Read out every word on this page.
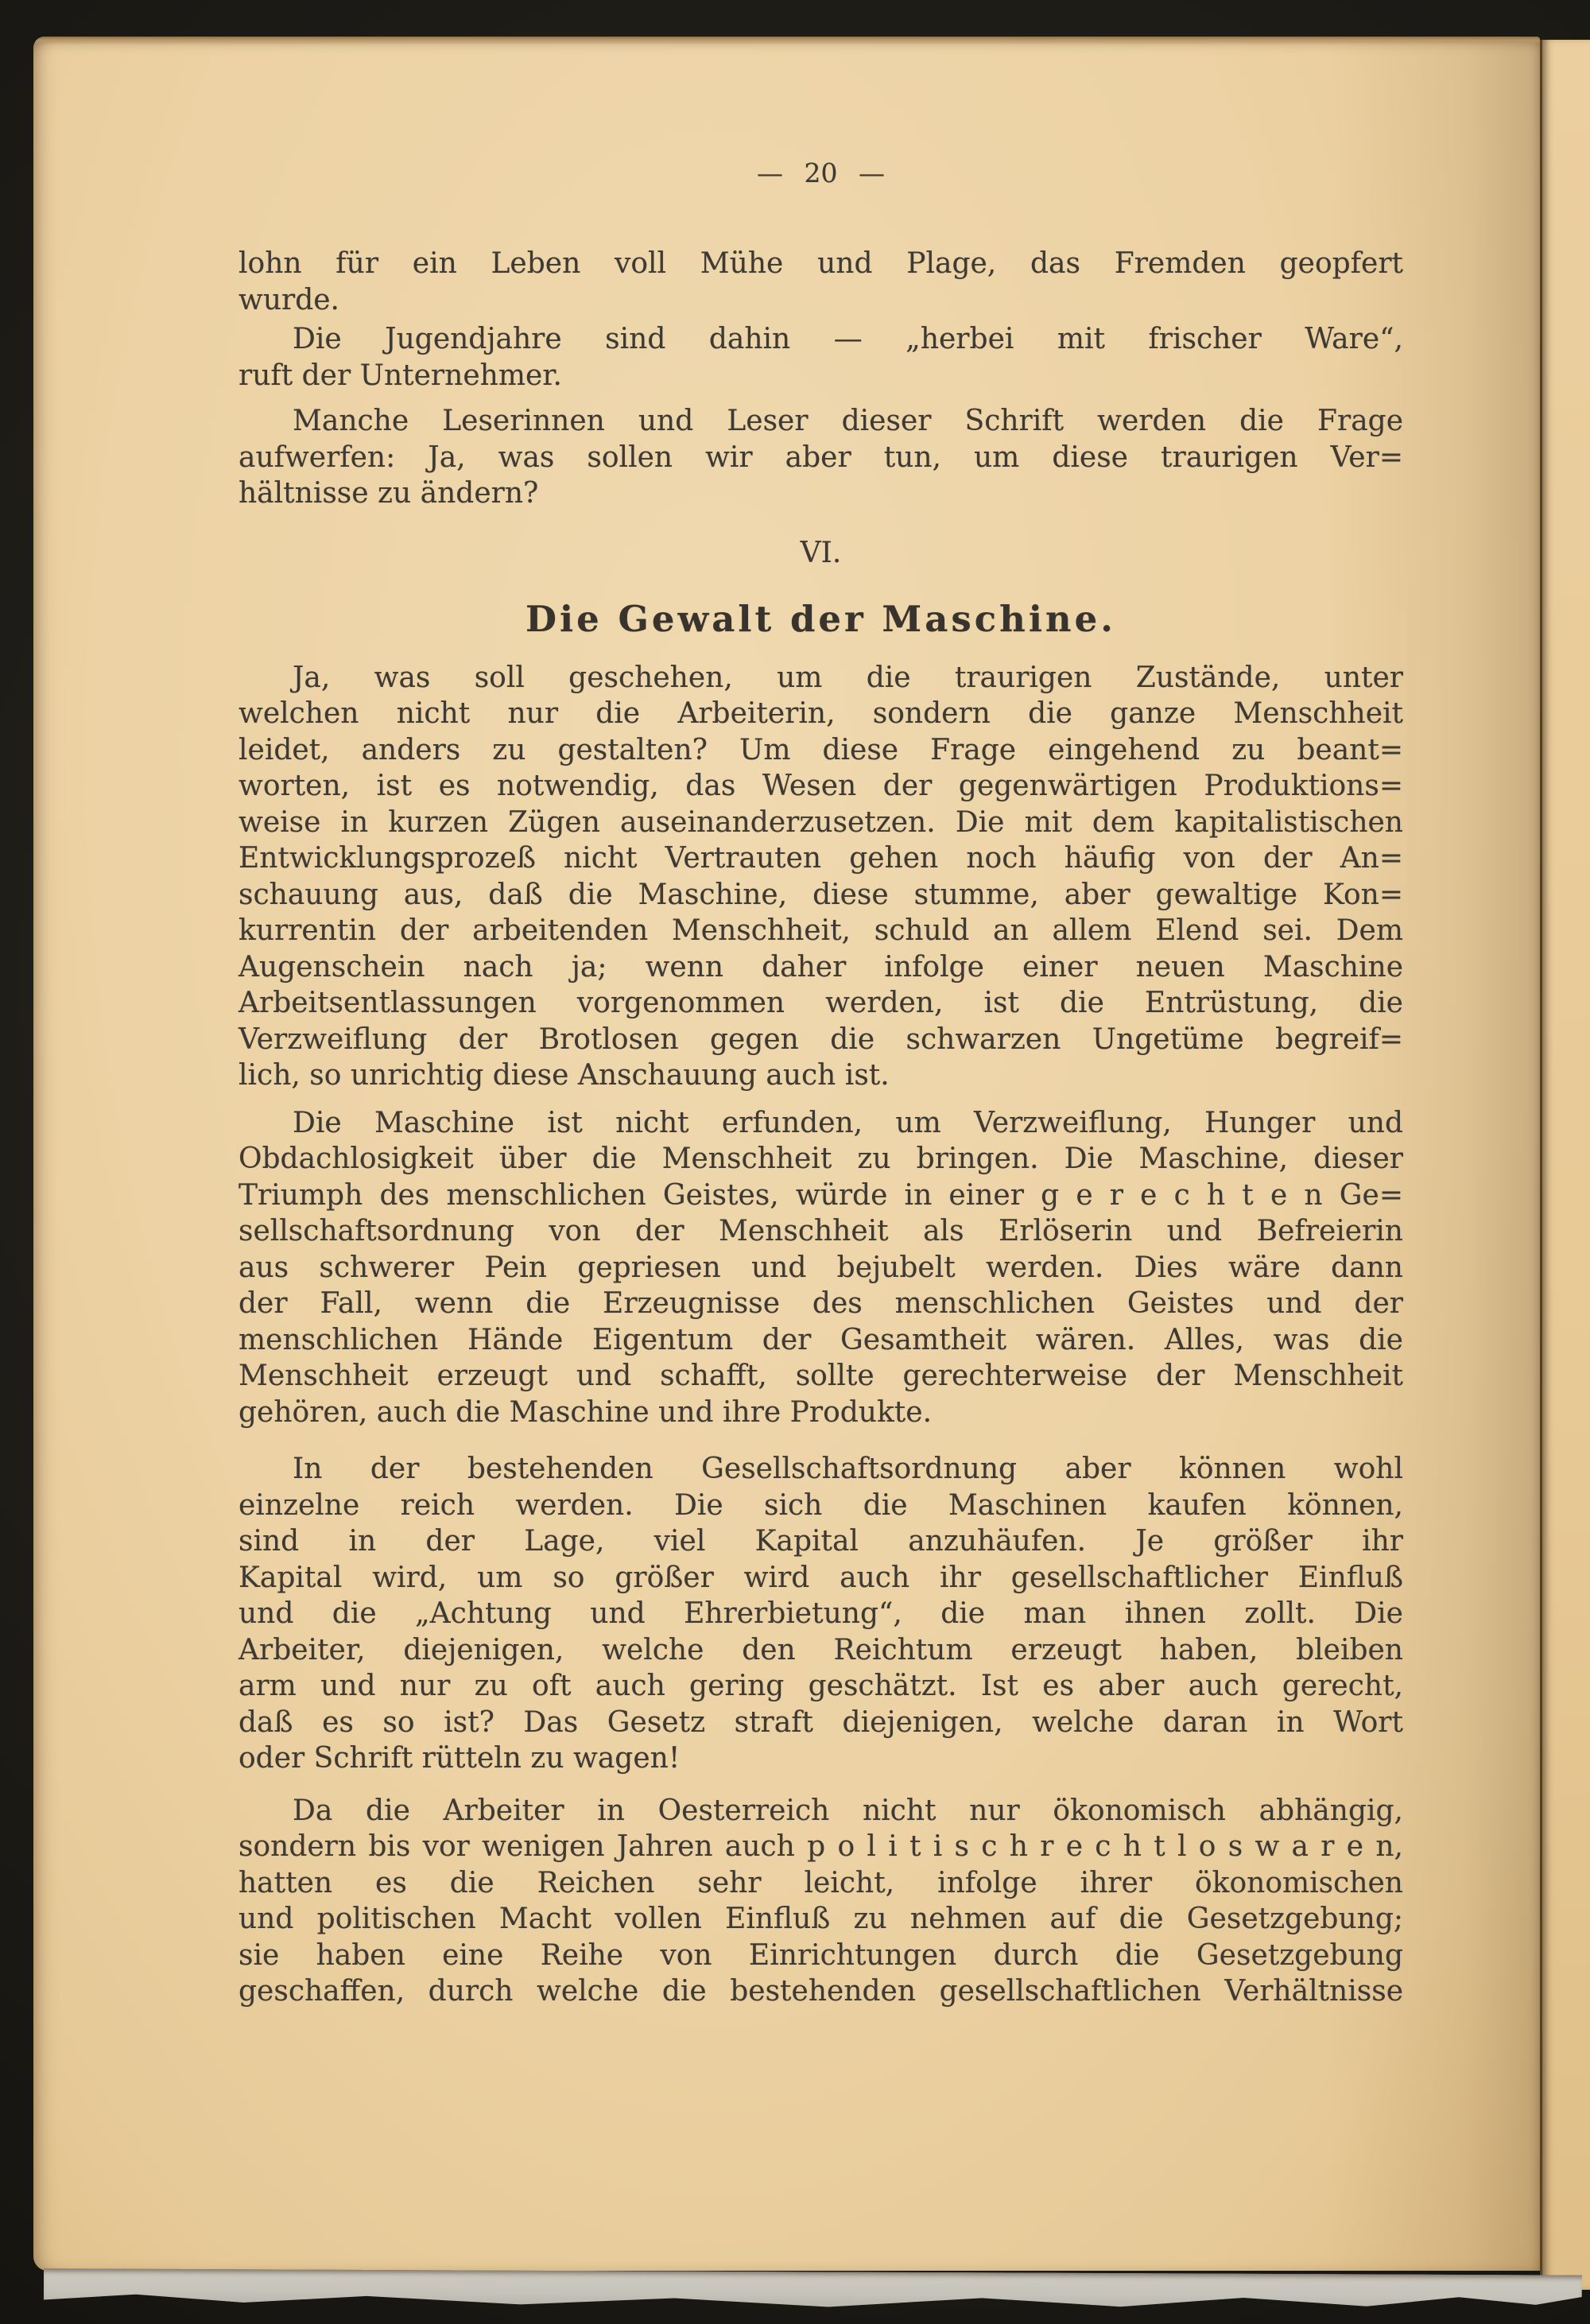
— 20 —
lohn für ein Leben voll Mühe und Plage, das Fremden geopfert
wurde.
Die Jugendjahre sind dahin — „herbei mit frischer Ware“,
ruft der Unternehmer.
Manche Leserinnen und Leser dieser Schrift werden die Frage
aufwerfen: Ja, was sollen wir aber tun, um diese traurigen Ver=
hältnisse zu ändern?
VI.
Die Gewalt der Maschine.
Ja, was soll geschehen, um die traurigen Zustände, unter
welchen nicht nur die Arbeiterin, sondern die ganze Menschheit
leidet, anders zu gestalten? Um diese Frage eingehend zu beant=
worten, ist es notwendig, das Wesen der gegenwärtigen Produktions=
weise in kurzen Zügen auseinanderzusetzen. Die mit dem kapitalistischen
Entwicklungsprozeß nicht Vertrauten gehen noch häufig von der An=
schauung aus, daß die Maschine, diese stumme, aber gewaltige Kon=
kurrentin der arbeitenden Menschheit, schuld an allem Elend sei. Dem
Augenschein nach ja; wenn daher infolge einer neuen Maschine
Arbeitsentlassungen vorgenommen werden, ist die Entrüstung, die
Verzweiflung der Brotlosen gegen die schwarzen Ungetüme begreif=
lich, so unrichtig diese Anschauung auch ist.
Die Maschine ist nicht erfunden, um Verzweiflung, Hunger und
Obdachlosigkeit über die Menschheit zu bringen. Die Maschine, dieser
Triumph des menschlichen Geistes, würde in einer g e r e c h t e n Ge=
sellschaftsordnung von der Menschheit als Erlöserin und Befreierin
aus schwerer Pein gepriesen und bejubelt werden. Dies wäre dann
der Fall, wenn die Erzeugnisse des menschlichen Geistes und der
menschlichen Hände Eigentum der Gesamtheit wären. Alles, was die
Menschheit erzeugt und schafft, sollte gerechterweise der Menschheit
gehören, auch die Maschine und ihre Produkte.
In der bestehenden Gesellschaftsordnung aber können wohl
einzelne reich werden. Die sich die Maschinen kaufen können,
sind in der Lage, viel Kapital anzuhäufen. Je größer ihr
Kapital wird, um so größer wird auch ihr gesellschaftlicher Einfluß
und die „Achtung und Ehrerbietung“, die man ihnen zollt. Die
Arbeiter, diejenigen, welche den Reichtum erzeugt haben, bleiben
arm und nur zu oft auch gering geschätzt. Ist es aber auch gerecht,
daß es so ist? Das Gesetz straft diejenigen, welche daran in Wort
oder Schrift rütteln zu wagen!
Da die Arbeiter in Oesterreich nicht nur ökonomisch abhängig,
sondern bis vor wenigen Jahren auch p o l i t i s c h r e c h t l o s w a r e n,
hatten es die Reichen sehr leicht, infolge ihrer ökonomischen
und politischen Macht vollen Einfluß zu nehmen auf die Gesetzgebung;
sie haben eine Reihe von Einrichtungen durch die Gesetzgebung
geschaffen, durch welche die bestehenden gesellschaftlichen Verhältnisse
